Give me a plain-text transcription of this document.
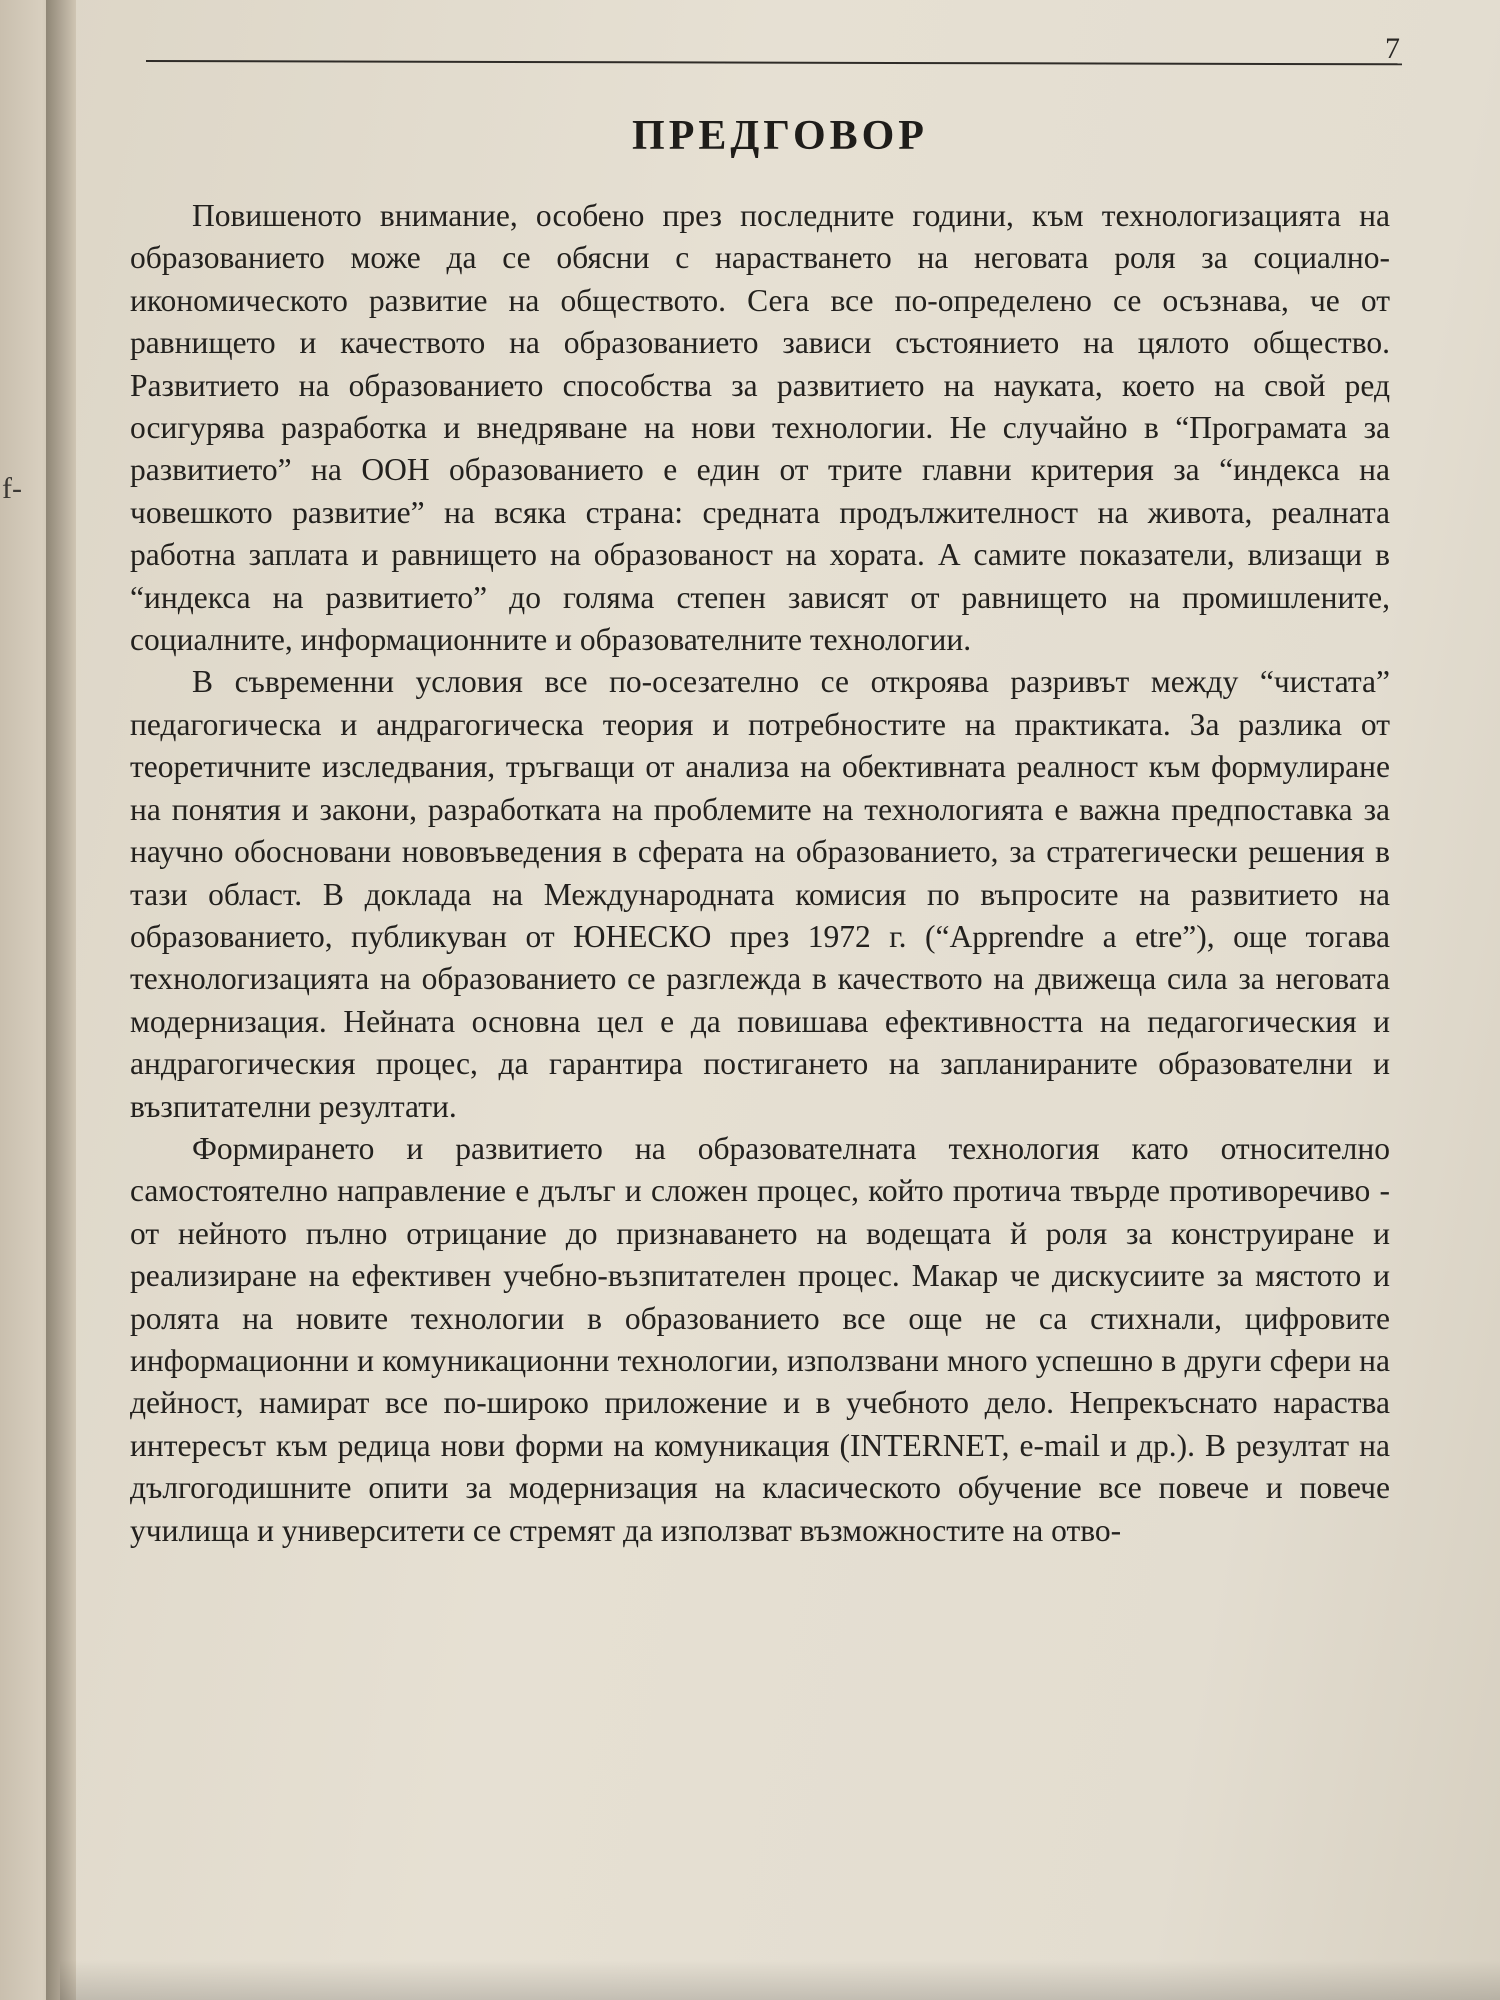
f-
7
ПРЕДГОВОР

Повишеното внимание, особено през последните години, към технологизацията на образованието може да се обясни с нарастването на неговата роля за социално-икономическото развитие на обществото. Сега все по-определено се осъзнава, че от равнището и качеството на образованието зависи състоянието на цялото общество. Развитието на образованието способства за развитието на науката, което на свой ред осигурява разработка и внедряване на нови технологии. Не случайно в “Програмата за развитието” на ООН образованието е един от трите главни критерия за “индекса на човешкото развитие” на всяка страна: средната продължителност на живота, реалната работна заплата и равнището на образованост на хората. А самите показатели, влизащи в “индекса на развитието” до голяма степен зависят от равнището на промишлените, социалните, информационните и образователните технологии.

В съвременни условия все по-осезателно се откроява разривът между “чистата” педагогическа и андрагогическа теория и потребностите на практиката. За разлика от теоретичните изследвания, тръгващи от анализа на обективната реалност към формулиране на понятия и закони, разработката на проблемите на технологията е важна предпоставка за научно обосновани нововъведения в сферата на образованието, за стратегически решения в тази област. В доклада на Международната комисия по въпросите на развитието на образованието, публикуван от ЮНЕСКО през 1972 г. (“Apprendre a etre”), още тогава технологизацията на образованието се разглежда в качеството на движеща сила за неговата модернизация. Нейната основна цел е да повишава ефективността на педагогическия и андрагогическия процес, да гарантира постигането на запланираните образователни и възпитателни резултати.

Формирането и развитието на образователната технология като относително самостоятелно направление е дълъг и сложен процес, който протича твърде противоречиво - от нейното пълно отрицание до признаването на водещата й роля за конструиране и реализиране на ефективен учебно-възпитателен процес. Макар че дискусиите за мястото и ролята на новите технологии в образованието все още не са стихнали, цифровите информационни и комуникационни технологии, използвани много успешно в други сфери на дейност, намират все по-широко приложение и в учебното дело. Непрекъснато нараства интересът към редица нови форми на комуникация (INTERNET, e-mail и др.). В резултат на дългогодишните опити за модернизация на класическото обучение все повече и повече училища и университети се стремят да използват възможностите на отво-
